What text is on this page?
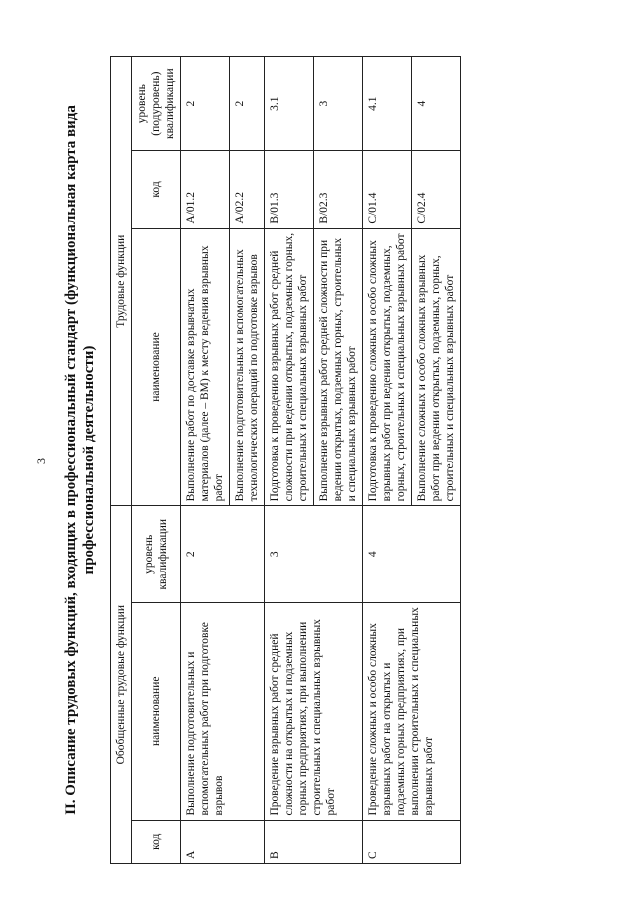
3 II. Описание трудовых функций, входящих в профессиональный стандарт (функциональная карта вида профессиональной деятельности)
Обобщенные трудовые функции			Трудовые функции		
код	наименование	уровень квалификации	наименование	код	уровень (подуровень) квалификации
A	Выполнение подготовительных и вспомогательных работ при подготовке взрывов	2	Выполнение работ по доставке взрывчатых материалов (далее – ВМ) к месту ведения взрывных работ	A/01.2	2
			Выполнение подготовительных и вспомогательных технологических операций по подготовке взрывов	A/02.2	2
B	Проведение взрывных работ средней сложности на открытых и подземных горных предприятиях, при выполнении строительных и специальных взрывных работ	3	Подготовка к проведению взрывных работ средней сложности при ведении открытых, подземных горных, строительных и специальных взрывных работ	B/01.3	3.1
			Выполнение взрывных работ средней сложности при ведении открытых, подземных горных, строительных и специальных взрывных работ	B/02.3	3
C	Проведение сложных и особо сложных взрывных работ на открытых и подземных горных предприятиях, при выполнении строительных и специальных взрывных работ	4	Подготовка к проведению сложных и особо сложных взрывных работ при ведении открытых, подземных, горных, строительных и специальных взрывных работ	C/01.4	4.1
			Выполнение сложных и особо сложных взрывных работ при ведении открытых, подземных, горных, строительных и специальных взрывных работ	C/02.4	4
